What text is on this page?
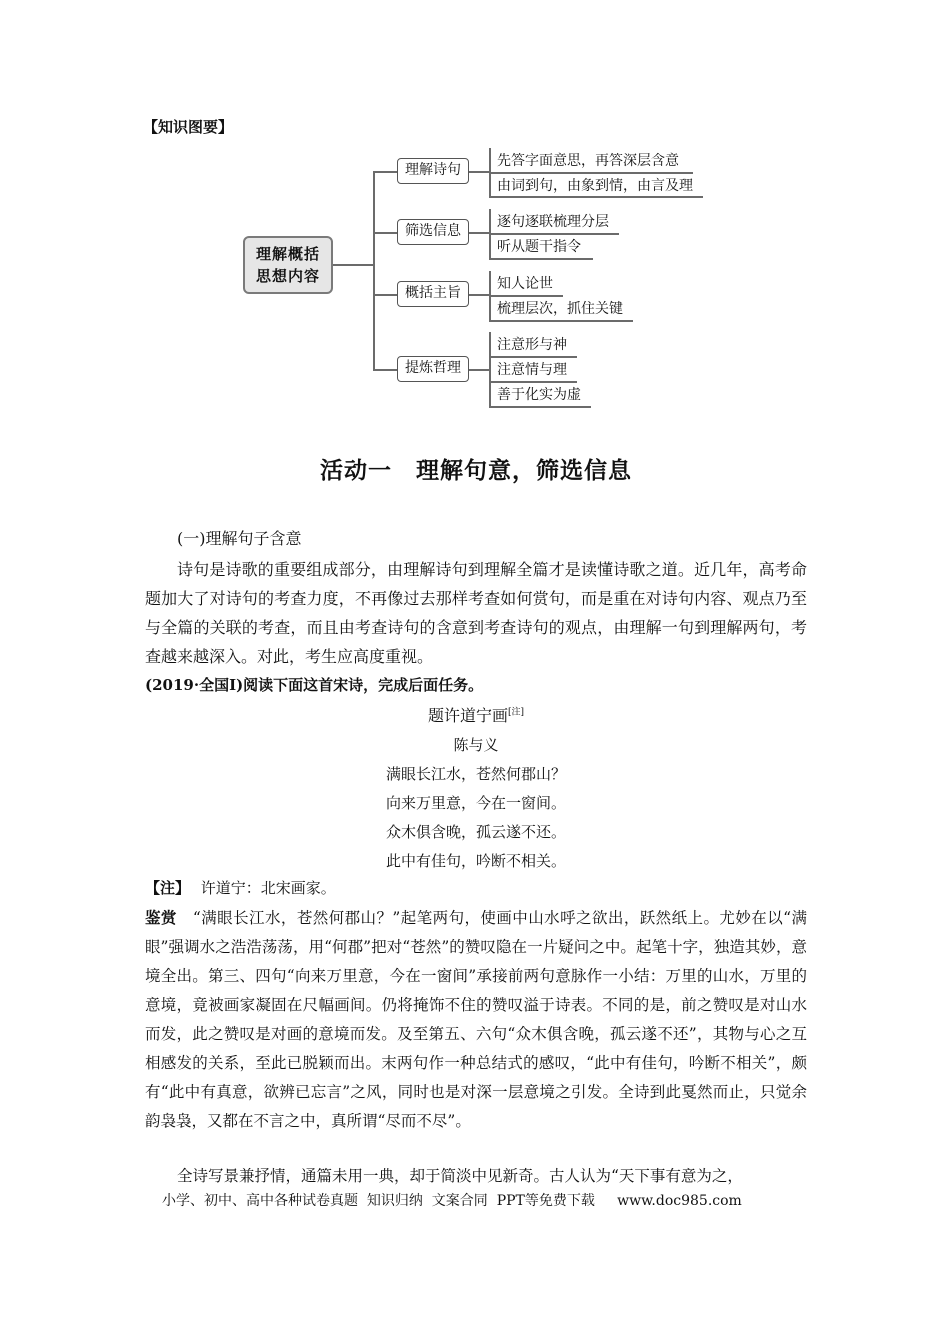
【知识图要】
理解概括
思想内容
理解诗句
先答字面意思，再答深层含意
由词到句，由象到情，由言及理
筛选信息
逐句逐联梳理分层
听从题干指令
概括主旨
知人论世
梳理层次，抓住关键
提炼哲理
注意形与神
注意情与理
善于化实为虚
活动一　理解句意，筛选信息
(一)理解句子含意
诗句是诗歌的重要组成部分，由理解诗句到理解全篇才是读懂诗歌之道。近几年，高考命题加大了对诗句的考查力度，不再像过去那样考查如何赏句，而是重在对诗句内容、观点乃至与全篇的关联的考查，而且由考查诗句的含意到考查诗句的观点，由理解一句到理解两句，考查越来越深入。对此，考生应高度重视。
(2019·全国Ⅰ)阅读下面这首宋诗，完成后面任务。
题许道宁画[注]
陈与义
满眼长江水，苍然何郡山？
向来万里意，今在一窗间。
众木俱含晚，孤云遂不还。
此中有佳句，吟断不相关。
【注】 许道宁：北宋画家。
鉴赏 “满眼长江水，苍然何郡山？”起笔两句，使画中山水呼之欲出，跃然纸上。尤妙在以“满眼”强调水之浩浩荡荡，用“何郡”把对“苍然”的赞叹隐在一片疑问之中。起笔十字，独造其妙，意境全出。第三、四句“向来万里意，今在一窗间”承接前两句意脉作一小结：万里的山水，万里的意境，竟被画家凝固在尺幅画间。仍将掩饰不住的赞叹溢于诗表。不同的是，前之赞叹是对山水而发，此之赞叹是对画的意境而发。及至第五、六句“众木俱含晚，孤云遂不还”，其物与心之互相感发的关系，至此已脱颖而出。末两句作一种总结式的感叹，“此中有佳句，吟断不相关”，颇有“此中有真意，欲辨已忘言”之风，同时也是对深一层意境之引发。全诗到此戛然而止，只觉余韵袅袅，又都在不言之中，真所谓“尽而不尽”。
全诗写景兼抒情，通篇未用一典，却于简淡中见新奇。古人认为“天下事有意为之，
小学、初中、高中各种试卷真题  知识归纳  文案合同  PPT等免费下载     www.doc985.com
